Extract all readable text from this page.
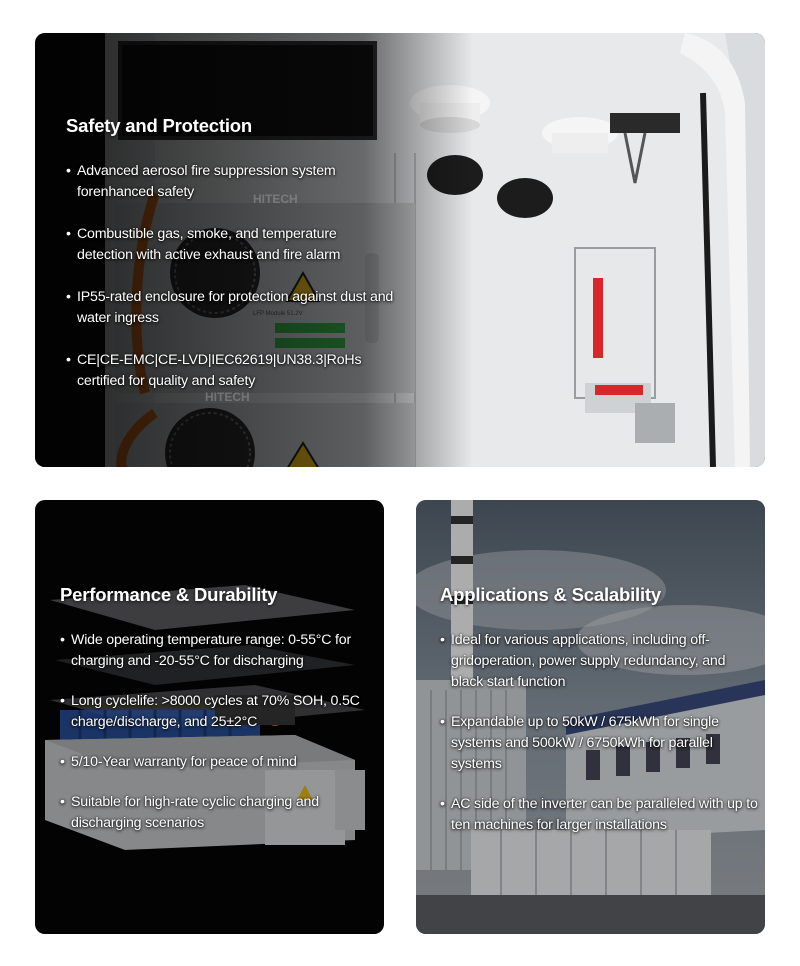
HITECH
HITECH
Safety and Protection
• Advanced aerosol fire suppression system forenhanced safety
• Combustible gas, smoke, and temperature detection with active exhaust and fire alarm
• IP55-rated enclosure for protection against dust and water ingress
• CE|CE-EMC|CE-LVD|IEC62619|UN38.3|RoHs certified for quality and safety
Performance & Durability
• Wide operating temperature range: 0-55°C for charging and -20-55°C for discharging
• Long cyclelife: >8000 cycles at 70% SOH, 0.5C charge/discharge, and 25±2°C
• 5/10-Year warranty for peace of mind
• Suitable for high-rate cyclic charging and discharging scenarios
Applications & Scalability
• Ideal for various applications, including off-gridoperation, power supply redundancy, and black start function
• Expandable up to 50kW / 675kWh for single systems and 500kW / 6750kWh for parallel systems
• AC side of the inverter can be paralleled with up to ten machines for larger installations
